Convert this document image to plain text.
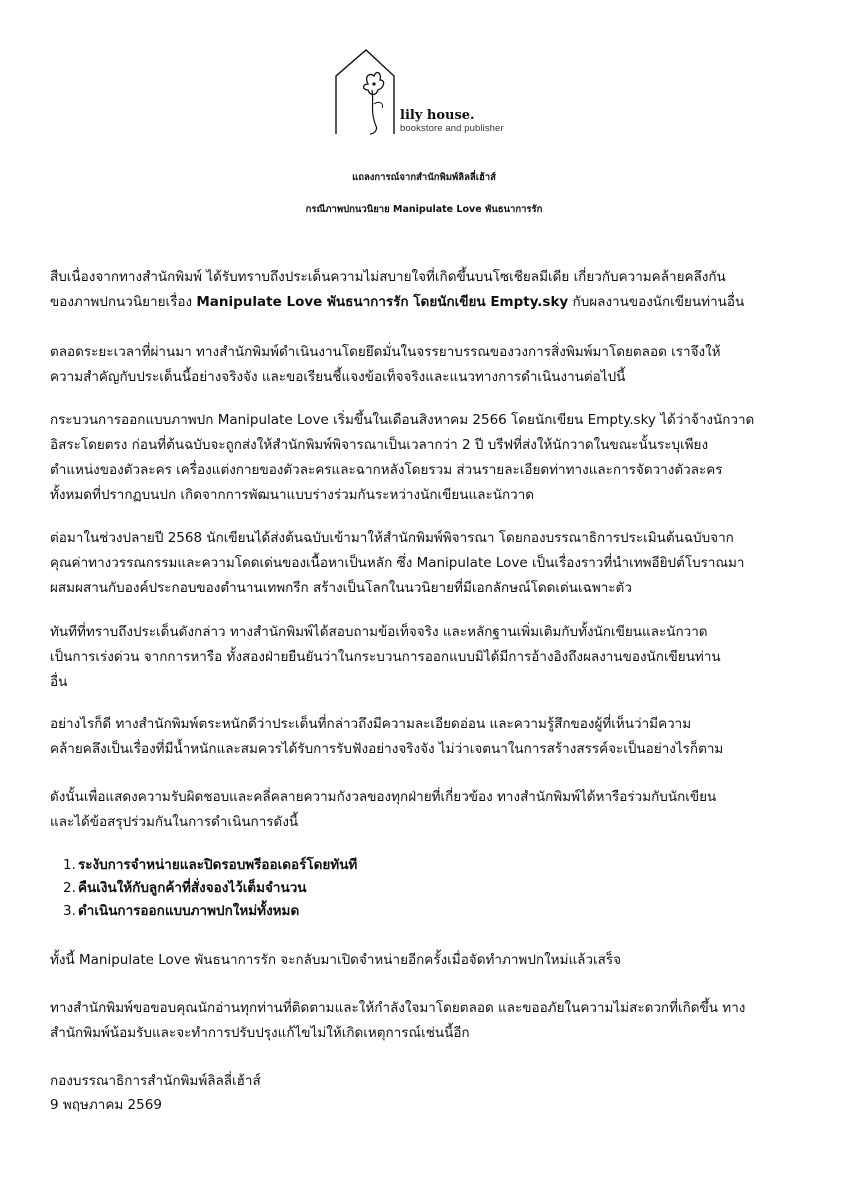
lily house.
bookstore and publisher
แถลงการณ์จากสำนักพิมพ์ลิลลี่เฮ้าส์
กรณีภาพปกนวนิยาย Manipulate Love พันธนาการรัก
สืบเนื่องจากทางสำนักพิมพ์ ได้รับทราบถึงประเด็นความไม่สบายใจที่เกิดขึ้นบนโซเชียลมีเดีย เกี่ยวกับความคล้ายคลึงกัน
ของภาพปกนวนิยายเรื่อง Manipulate Love พันธนาการรัก โดยนักเขียน Empty.sky กับผลงานของนักเขียนท่านอื่น
ตลอดระยะเวลาที่ผ่านมา ทางสำนักพิมพ์ดำเนินงานโดยยึดมั่นในจรรยาบรรณของวงการสิ่งพิมพ์มาโดยตลอด เราจึงให้
ความสำคัญกับประเด็นนี้อย่างจริงจัง และขอเรียนชี้แจงข้อเท็จจริงและแนวทางการดำเนินงานต่อไปนี้
กระบวนการออกแบบภาพปก Manipulate Love เริ่มขึ้นในเดือนสิงหาคม 2566 โดยนักเขียน Empty.sky ได้ว่าจ้างนักวาด
อิสระโดยตรง ก่อนที่ต้นฉบับจะถูกส่งให้สำนักพิมพ์พิจารณาเป็นเวลากว่า 2 ปี บรีฟที่ส่งให้นักวาดในขณะนั้นระบุเพียง
ตำแหน่งของตัวละคร เครื่องแต่งกายของตัวละครและฉากหลังโดยรวม ส่วนรายละเอียดท่าทางและการจัดวางตัวละคร
ทั้งหมดที่ปรากฏบนปก เกิดจากการพัฒนาแบบร่างร่วมกันระหว่างนักเขียนและนักวาด
ต่อมาในช่วงปลายปี 2568 นักเขียนได้ส่งต้นฉบับเข้ามาให้สำนักพิมพ์พิจารณา โดยกองบรรณาธิการประเมินต้นฉบับจาก
คุณค่าทางวรรณกรรมและความโดดเด่นของเนื้อหาเป็นหลัก ซึ่ง Manipulate Love เป็นเรื่องราวที่นำเทพอียิปต์โบราณมา
ผสมผสานกับองค์ประกอบของตำนานเทพกรีก สร้างเป็นโลกในนวนิยายที่มีเอกลักษณ์โดดเด่นเฉพาะตัว
ทันทีที่ทราบถึงประเด็นดังกล่าว ทางสำนักพิมพ์ได้สอบถามข้อเท็จจริง และหลักฐานเพิ่มเติมกับทั้งนักเขียนและนักวาด
เป็นการเร่งด่วน จากการหารือ ทั้งสองฝ่ายยืนยันว่าในกระบวนการออกแบบมิได้มีการอ้างอิงถึงผลงานของนักเขียนท่าน
อื่น
อย่างไรก็ดี ทางสำนักพิมพ์ตระหนักดีว่าประเด็นที่กล่าวถึงมีความละเอียดอ่อน และความรู้สึกของผู้ที่เห็นว่ามีความ
คล้ายคลึงเป็นเรื่องที่มีน้ำหนักและสมควรได้รับการรับฟังอย่างจริงจัง ไม่ว่าเจตนาในการสร้างสรรค์จะเป็นอย่างไรก็ตาม
ดังนั้นเพื่อแสดงความรับผิดชอบและคลี่คลายความกังวลของทุกฝ่ายที่เกี่ยวข้อง ทางสำนักพิมพ์ได้หารือร่วมกับนักเขียน
และได้ข้อสรุปร่วมกันในการดำเนินการดังนี้
1. ระงับการจำหน่ายและปิดรอบพรีออเดอร์โดยทันที
2. คืนเงินให้กับลูกค้าที่สั่งจองไว้เต็มจำนวน
3. ดำเนินการออกแบบภาพปกใหม่ทั้งหมด
ทั้งนี้ Manipulate Love พันธนาการรัก จะกลับมาเปิดจำหน่ายอีกครั้งเมื่อจัดทำภาพปกใหม่แล้วเสร็จ
ทางสำนักพิมพ์ขอขอบคุณนักอ่านทุกท่านที่ติดตามและให้กำลังใจมาโดยตลอด และขออภัยในความไม่สะดวกที่เกิดขึ้น ทาง
สำนักพิมพ์น้อมรับและจะทำการปรับปรุงแก้ไขไม่ให้เกิดเหตุการณ์เช่นนี้อีก
กองบรรณาธิการสำนักพิมพ์ลิลลี่เฮ้าส์
9 พฤษภาคม 2569
